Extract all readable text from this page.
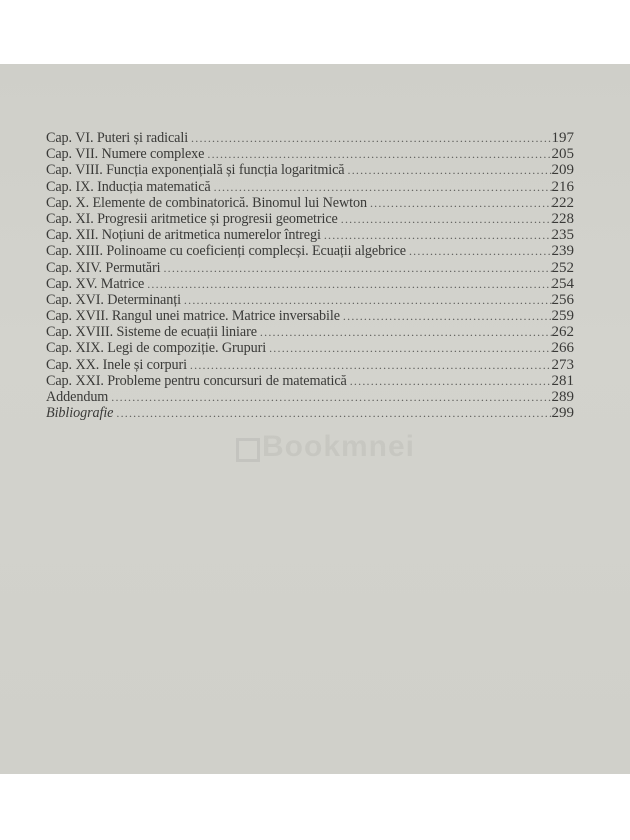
Cap. VI. Puteri și radicali .....	197
Cap. VII. Numere complexe .....	205
Cap. VIII. Funcția exponențială și funcția logaritmică .....	209
Cap. IX. Inducția matematică .....	216
Cap. X. Elemente de combinatorică. Binomul lui Newton .....	222
Cap. XI. Progresii aritmetice și progresii geometrice .....	228
Cap. XII. Noțiuni de aritmetica numerelor întregi .....	235
Cap. XIII. Polinoame cu coeficienți complecși. Ecuații algebrice .....	239
Cap. XIV. Permutări .....	252
Cap. XV. Matrice .....	254
Cap. XVI. Determinanți .....	256
Cap. XVII. Rangul unei matrice. Matrice inversabile .....	259
Cap. XVIII. Sisteme de ecuații liniare .....	262
Cap. XIX. Legi de compoziție. Grupuri .....	266
Cap. XX. Inele și corpuri .....	273
Cap. XXI. Probleme pentru concursuri de matematică .....	281
Addendum .....	289
Bibliografie .....	299
Bookmnei
